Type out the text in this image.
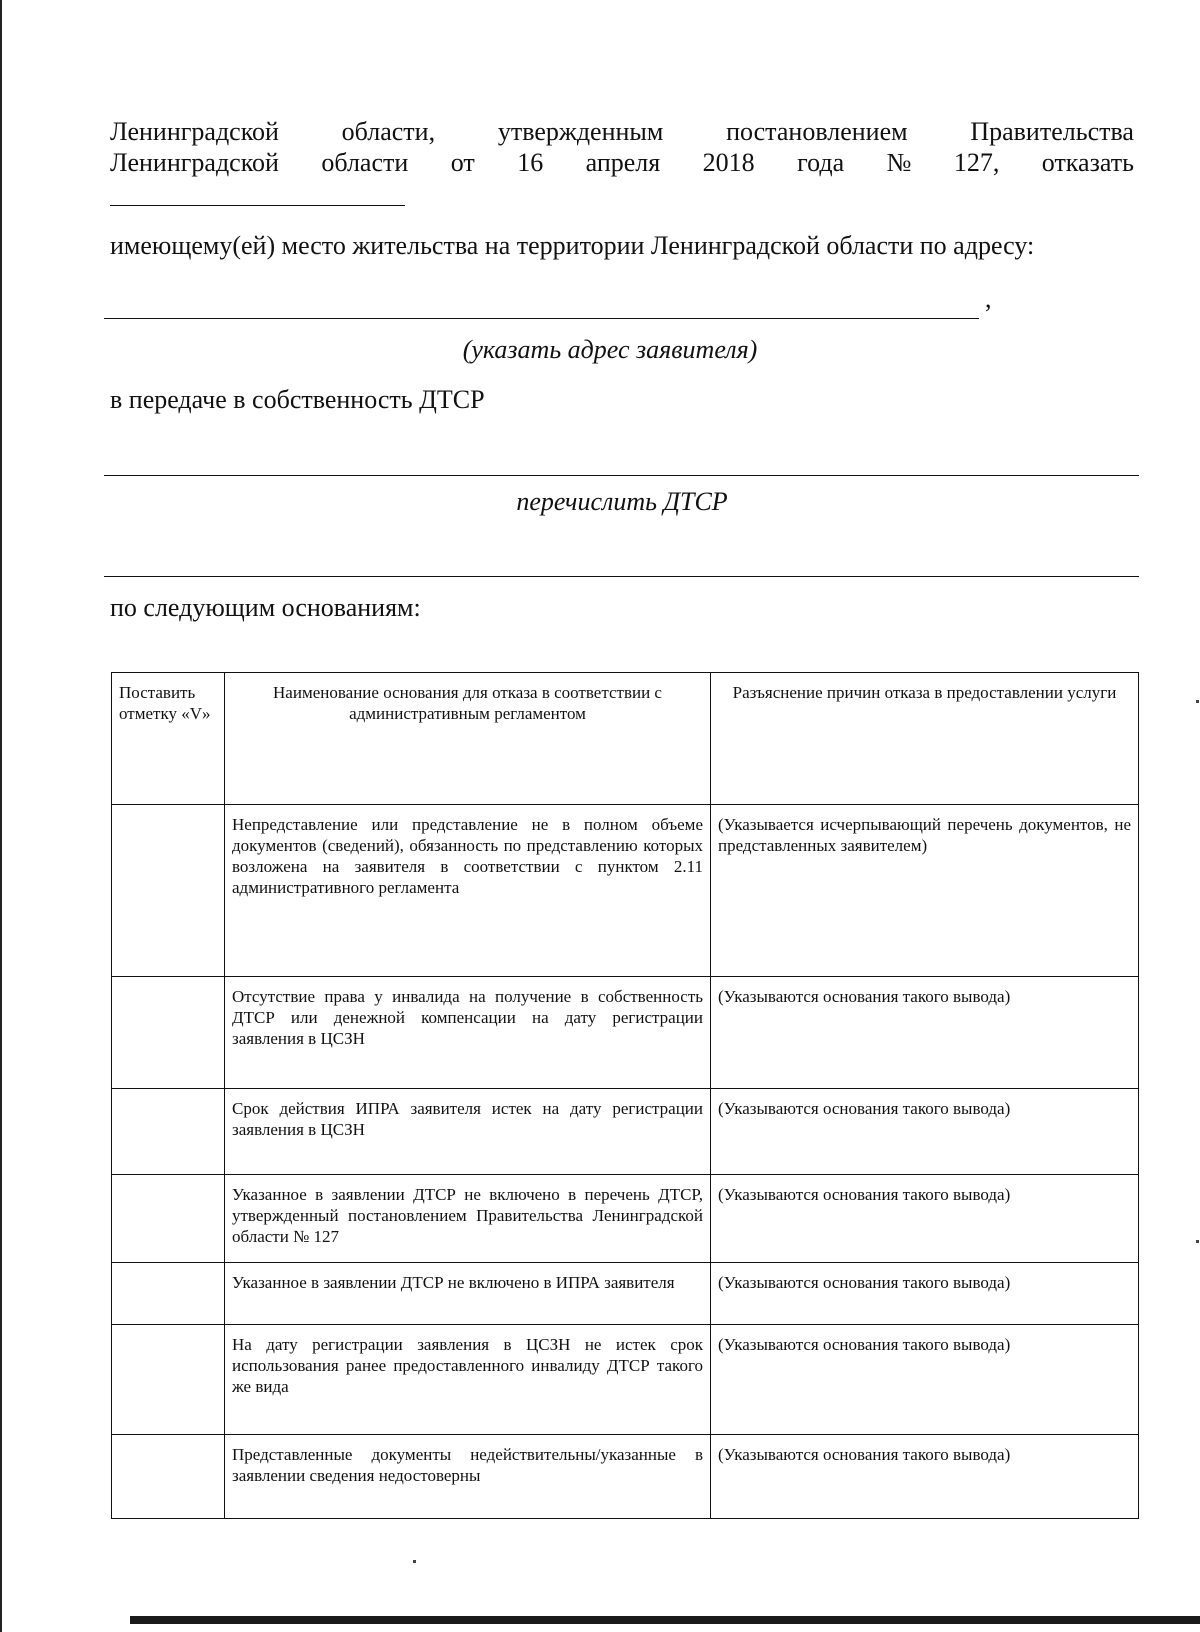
Ленинградской области, утвержденным постановлением Правительства
Ленинградской области от 16 апреля 2018 года № 127, отказать
имеющему(ей) место жительства на территории Ленинградской области по адресу:
,
(указать адрес заявителя)
в передаче в собственность ДТСР
перечислить ДТСР
по следующим основаниям:
Поставить отметку «V»	Наименование основания для отказа в соответствии с административным регламентом	Разъяснение причин отказа в предоставлении услуги
	Непредставление или представление не в полном объеме документов (сведений), обязанность по представлению которых возложена на заявителя в соответствии с пунктом 2.11 административного регламента	(Указывается исчерпывающий перечень документов, не представленных заявителем)
	Отсутствие права у инвалида на получение в собственность ДТСР или денежной компенсации на дату регистрации заявления в ЦСЗН	(Указываются основания такого вывода)
	Срок действия ИПРА заявителя истек на дату регистрации заявления в ЦСЗН	(Указываются основания такого вывода)
	Указанное в заявлении ДТСР не включено в перечень ДТСР, утвержденный постановлением Правительства Ленинградской области № 127	(Указываются основания такого вывода)
	Указанное в заявлении ДТСР не включено в ИПРА заявителя	(Указываются основания такого вывода)
	На дату регистрации заявления в ЦСЗН не истек срок использования ранее предоставленного инвалиду ДТСР такого же вида	(Указываются основания такого вывода)
	Представленные документы недействительны/указанные в заявлении сведения недостоверны	(Указываются основания такого вывода)
